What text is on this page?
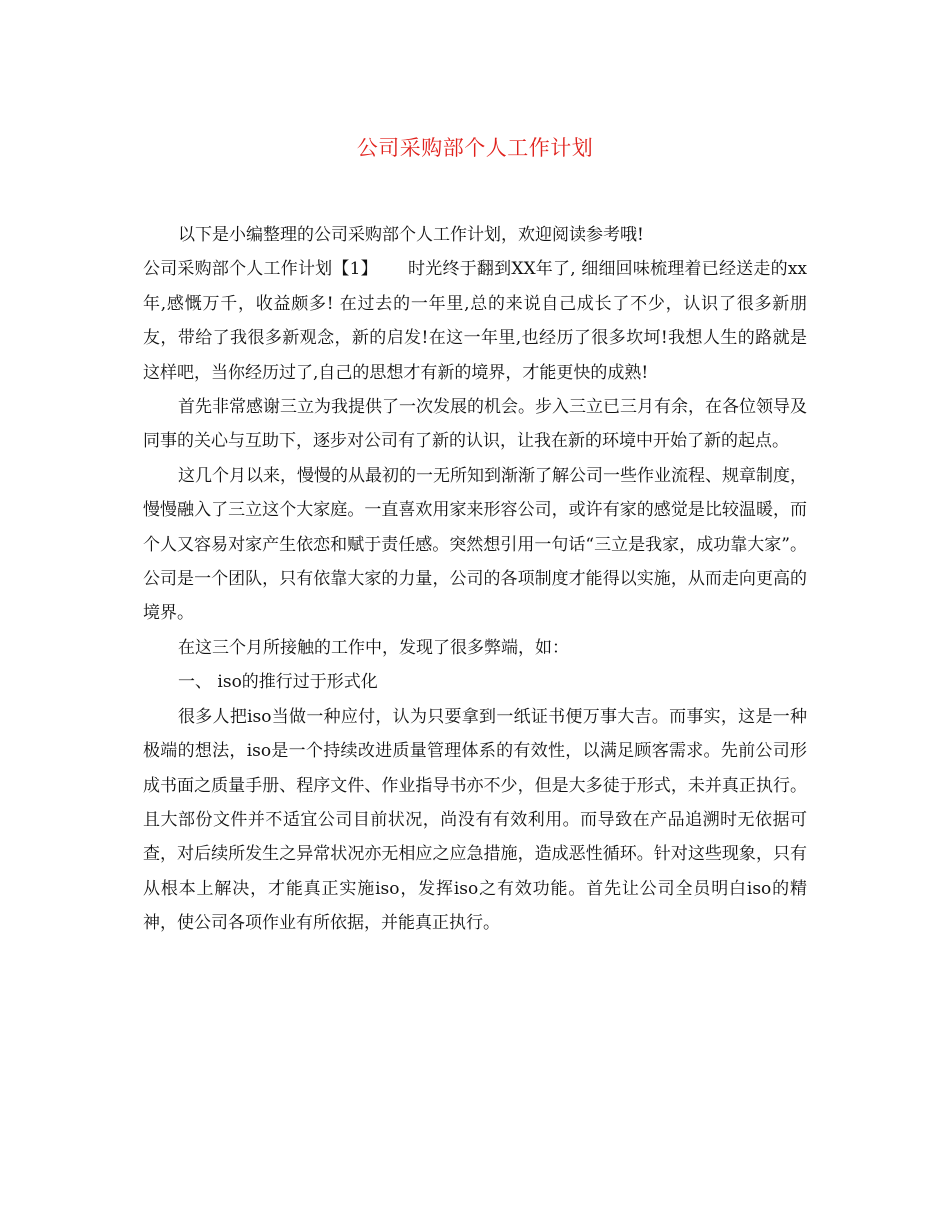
公司采购部个人工作计划

以下是小编整理的公司采购部个人工作计划，欢迎阅读参考哦!

公司采购部个人工作计划【1】 时光终于翻到XX年了, 细细回味梳理着已经送走的xx年,感慨万千，收益颇多! 在过去的一年里,总的来说自己成长了不少，认识了很多新朋友，带给了我很多新观念，新的启发!在这一年里,也经历了很多坎坷!我想人生的路就是这样吧，当你经历过了,自己的思想才有新的境界，才能更快的成熟!

首先非常感谢三立为我提供了一次发展的机会。步入三立已三月有余，在各位领导及同事的关心与互助下，逐步对公司有了新的认识，让我在新的环境中开始了新的起点。

这几个月以来，慢慢的从最初的一无所知到渐渐了解公司一些作业流程、规章制度，慢慢融入了三立这个大家庭。一直喜欢用家来形容公司，或许有家的感觉是比较温暖，而个人又容易对家产生依恋和赋于责任感。突然想引用一句话“三立是我家，成功靠大家”。公司是一个团队，只有依靠大家的力量，公司的各项制度才能得以实施，从而走向更高的境界。

在这三个月所接触的工作中，发现了很多弊端，如：

一、 iso的推行过于形式化

很多人把iso当做一种应付，认为只要拿到一纸证书便万事大吉。而事实，这是一种极端的想法，iso是一个持续改进质量管理体系的有效性，以满足顾客需求。先前公司形成书面之质量手册、程序文件、作业指导书亦不少，但是大多徒于形式，未并真正执行。且大部份文件并不适宜公司目前状况，尚没有有效利用。而导致在产品追溯时无依据可查，对后续所发生之异常状况亦无相应之应急措施，造成恶性循环。针对这些现象，只有从根本上解决，才能真正实施iso，发挥iso之有效功能。首先让公司全员明白iso的精神，使公司各项作业有所依据，并能真正执行。
